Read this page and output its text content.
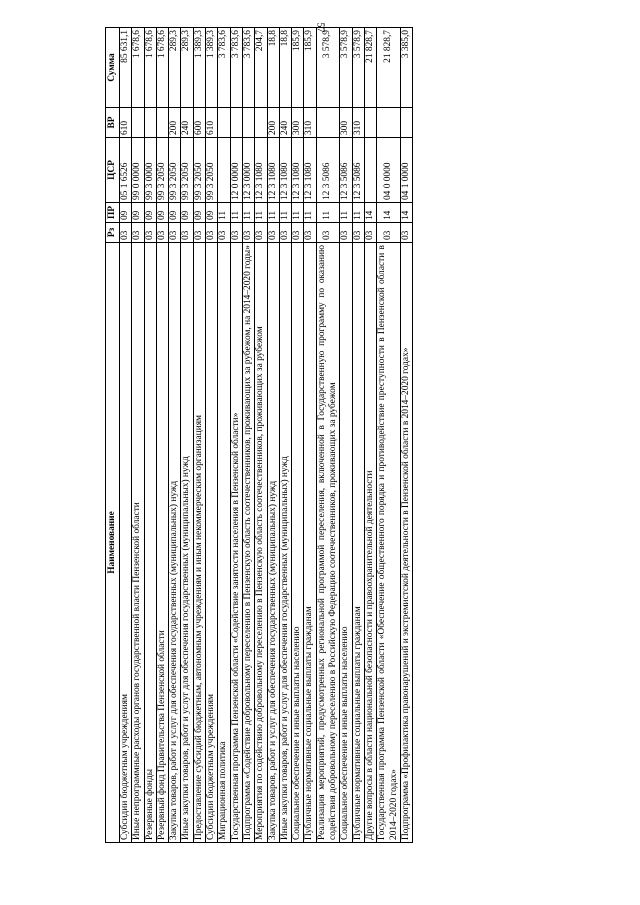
57
Наименование	Рз	ПР	ЦСР	ВР	Сумма
Субсидии бюджетным учреждениям	03	09	05 1 6526	610	85 631,1
Иные непрограммные расходы органов государственной власти Пензенской области	03	09	99 0 0000		1 678,6
Резервные фонды	03	09	99 3 0000		1 678,6
Резервный фонд Правительства Пензенской области	03	09	99 3 2050		1 678,6
Закупка товаров, работ и услуг для обеспечения государственных (муниципальных) нужд	03	09	99 3 2050	200	289,3
Иные закупки товаров, работ и услуг для обеспечения государственных (муниципальных) нужд	03	09	99 3 2050	240	289,3
Предоставление субсидий бюджетным, автономным учреждениям и иным некоммерческим организациям	03	09	99 3 2050	600	1 389,3
Субсидии бюджетным учреждениям	03	09	99 3 2050	610	1 389,3
Миграционная политика	03	11			3 783,6
Государственная программа Пензенской области «Содействие занятости населения в Пензенской области»	03	11	12 0 0000		3 783,6
Подпрограмма «Содействие добровольному переселению в Пензенскую область соотечественников, проживающих за рубежом, на 2014–2020 годы»	03	11	12 3 0000		3 783,6
Мероприятия по содействию добровольному переселению в Пензенскую область соотечественников, проживающих за рубежом	03	11	12 3 1080		204,7
Закупка товаров, работ и услуг для обеспечения государственных (муниципальных) нужд	03	11	12 3 1080	200	18,8
Иные закупки товаров, работ и услуг для обеспечения государственных (муниципальных) нужд	03	11	12 3 1080	240	18,8
Социальное обеспечение и иные выплаты населению	03	11	12 3 1080	300	185,9
Публичные нормативные социальные выплаты гражданам	03	11	12 3 1080	310	185,9
Реализация мероприятий, предусмотренных региональной программой переселения, включенной в Государственную программу по оказанию содействия добровольному переселению в Российскую Федерацию соотечественников, проживающих за рубежом	03	11	12 3 5086		3 578,9
Социальное обеспечение и иные выплаты населению	03	11	12 3 5086	300	3 578,9
Публичные нормативные социальные выплаты гражданам	03	11	12 3 5086	310	3 578,9
Другие вопросы в области национальной безопасности и правоохранительной деятельности	03	14			21 828,7
Государственная программа Пензенской области «Обеспечение общественного порядка и противодействие преступности в Пензенской области в 2014–2020 годах»	03	14	04 0 0000		21 828,7
Подпрограмма «Профилактика правонарушений и экстремистской деятельности в Пензенской области в 2014–2020 годах»	03	14	04 1 0000		3 385,0
